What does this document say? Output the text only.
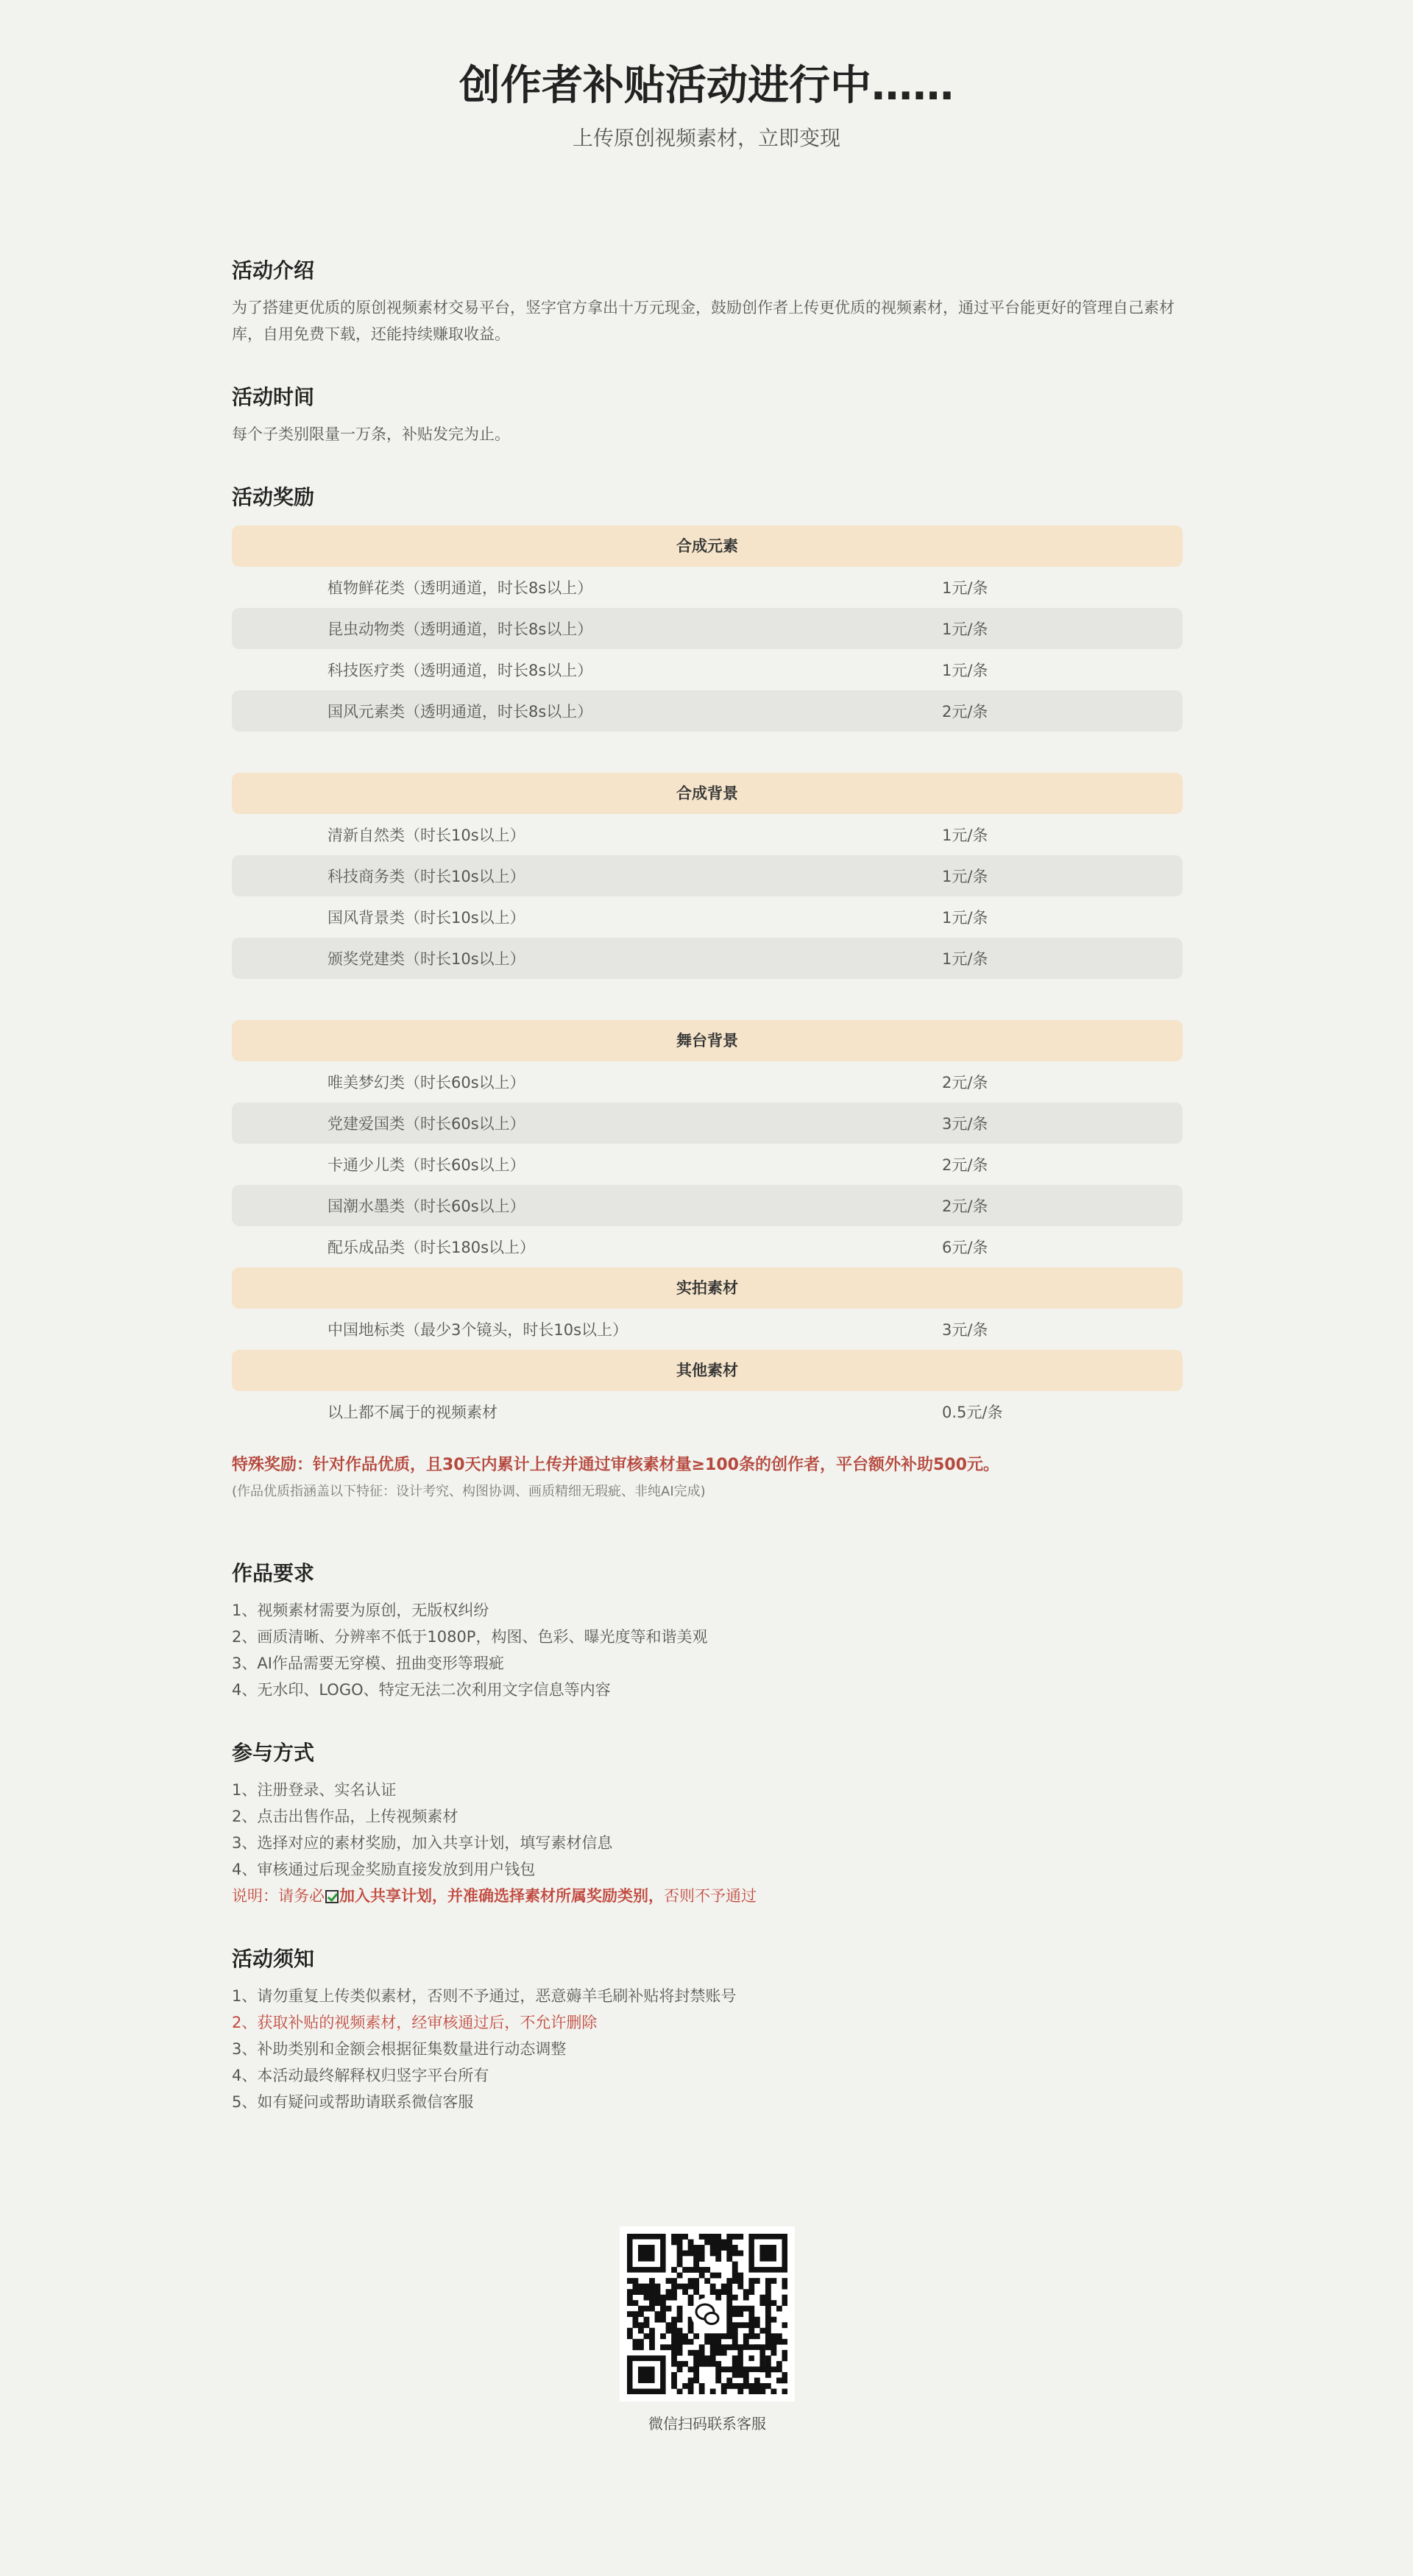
创作者补贴活动进行中……
上传原创视频素材，立即变现
活动介绍

为了搭建更优质的原创视频素材交易平台，竖字官方拿出十万元现金，鼓励创作者上传更优质的视频素材，通过平台能更好的管理自己素材库，自用免费下载，还能持续赚取收益。

活动时间

每个子类别限量一万条，补贴发完为止。

活动奖励
合成元素
植物鲜花类（透明通道，时长8s以上）	1元/条
昆虫动物类（透明通道，时长8s以上）	1元/条
科技医疗类（透明通道，时长8s以上）	1元/条
国风元素类（透明通道，时长8s以上）	2元/条
合成背景
清新自然类（时长10s以上）	1元/条
科技商务类（时长10s以上）	1元/条
国风背景类（时长10s以上）	1元/条
颁奖党建类（时长10s以上）	1元/条
舞台背景
唯美梦幻类（时长60s以上）	2元/条
党建爱国类（时长60s以上）	3元/条
卡通少儿类（时长60s以上）	2元/条
国潮水墨类（时长60s以上）	2元/条
配乐成品类（时长180s以上）	6元/条
实拍素材
中国地标类（最少3个镜头，时长10s以上）	3元/条
其他素材
以上都不属于的视频素材	0.5元/条
特殊奖励：针对作品优质，且30天内累计上传并通过审核素材量≥100条的创作者，平台额外补助500元。

(作品优质指涵盖以下特征：设计考究、构图协调、画质精细无瑕疵、非纯AI完成)

作品要求
1、视频素材需要为原创，无版权纠纷
2、画质清晰、分辨率不低于1080P，构图、色彩、曝光度等和谐美观
3、AI作品需要无穿模、扭曲变形等瑕疵
4、无水印、LOGO、特定无法二次利用文字信息等内容
参与方式
1、注册登录、实名认证
2、点击出售作品，上传视频素材
3、选择对应的素材奖励，加入共享计划，填写素材信息
4、审核通过后现金奖励直接发放到用户钱包
说明：请务必 加入共享计划，并准确选择素材所属奖励类别，否则不予通过
活动须知
1、请勿重复上传类似素材，否则不予通过，恶意薅羊毛刷补贴将封禁账号
2、获取补贴的视频素材，经审核通过后，不允许删除
3、补助类别和金额会根据征集数量进行动态调整
4、本活动最终解释权归竖字平台所有
5、如有疑问或帮助请联系微信客服
微信扫码联系客服
